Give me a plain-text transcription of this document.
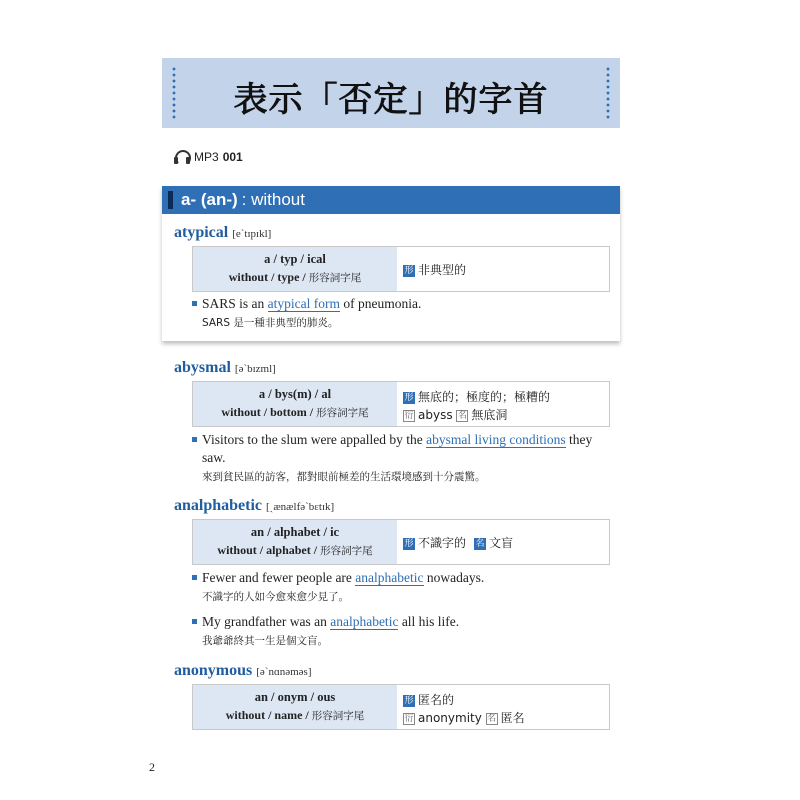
表示「否定」的字首
MP3 001
a- (an-) : without
atypical [eˋtɪpɪkl]
a / typ / ical
without / type / 形容詞字尾
形 非典型的
SARS is an atypical form of pneumonia.
SARS 是一種非典型的肺炎。
abysmal [əˋbɪzml]
a / bys(m) / al
without / bottom / 形容詞字尾
形 無底的；極度的；極糟的
衍 abyss 名 無底洞
Visitors to the slum were appalled by the abysmal living conditions they saw.
來到貧民區的訪客，都對眼前極差的生活環境感到十分震驚。
analphabetic [ˏænælfəˋbɛtɪk]
an / alphabet / ic
without / alphabet / 形容詞字尾
形 不識字的 名 文盲
Fewer and fewer people are analphabetic nowadays.
不識字的人如今愈來愈少見了。
My grandfather was an analphabetic all his life.
我爺爺終其一生是個文盲。
anonymous [əˋnɑnəməs]
an / onym / ous
without / name / 形容詞字尾
形 匿名的
衍 anonymity 名 匿名
2
